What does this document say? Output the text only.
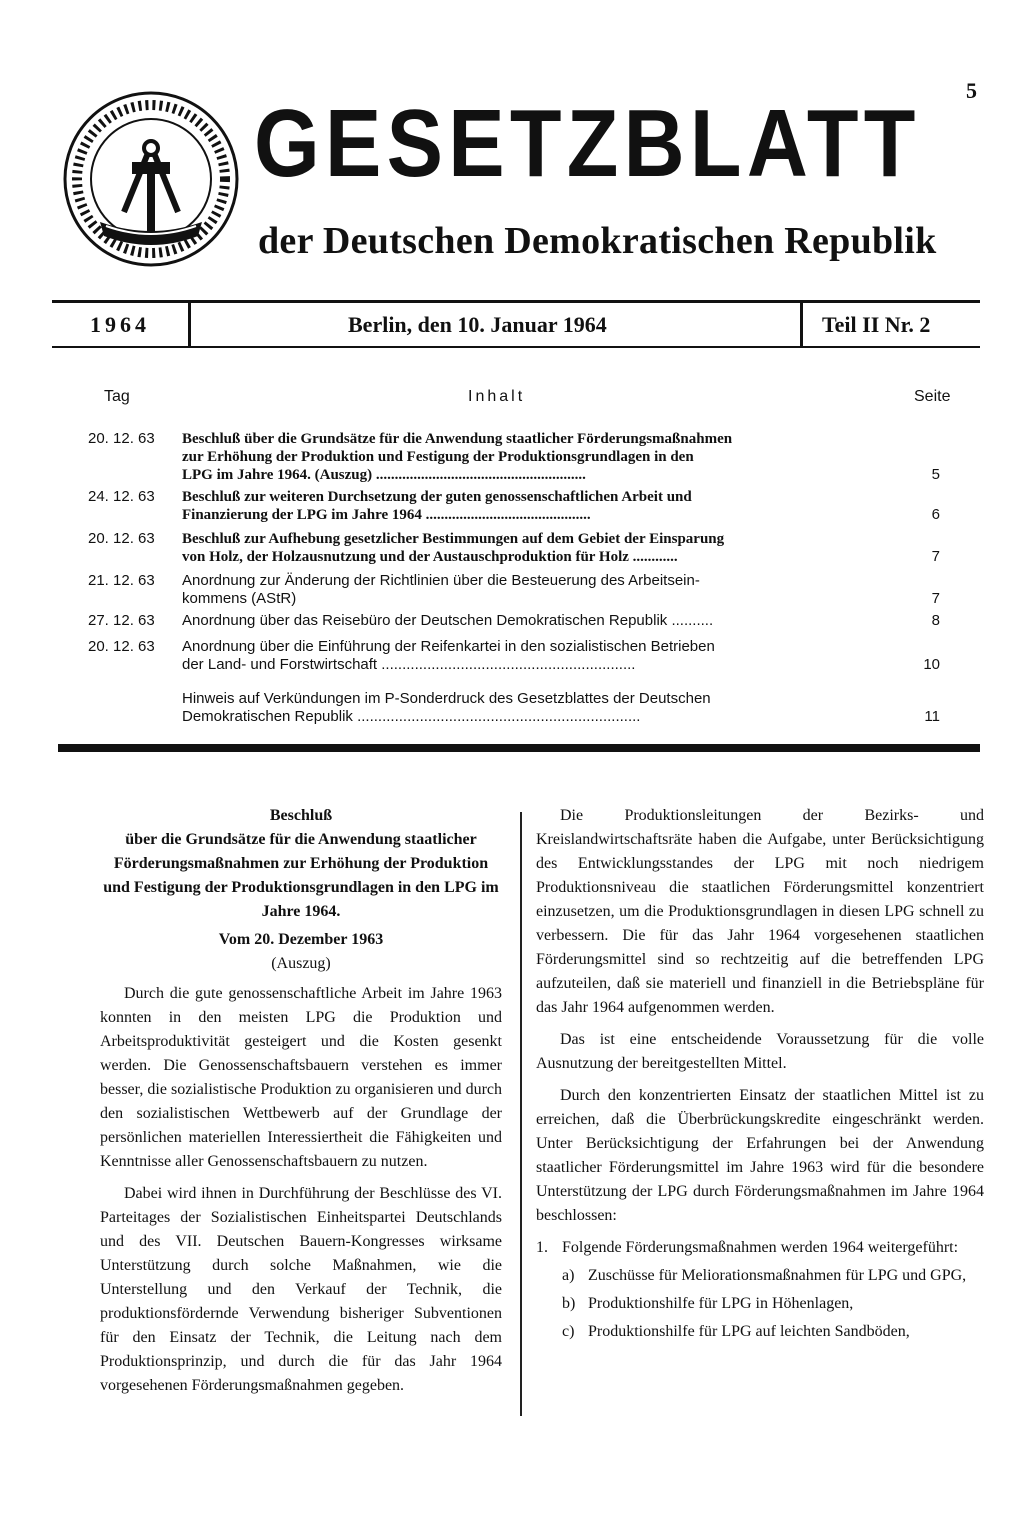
5
GESETZBLATT
der Deutschen Demokratischen Republik
1964	Berlin, den 10. Januar 1964	Teil II Nr. 2
Tag	Inhalt	Seite
20. 12. 63 Beschluß über die Grundsätze für die Anwendung staatlicher Förderungsmaßnahmen
zur Erhöhung der Produktion und Festigung der Produktionsgrundlagen in den
LPG im Jahre 1964. (Auszug) ........................................................	5
24. 12. 63 Beschluß zur weiteren Durchsetzung der guten genossenschaftlichen Arbeit und
Finanzierung der LPG im Jahre 1964 ............................................	6
20. 12. 63 Beschluß zur Aufhebung gesetzlicher Bestimmungen auf dem Gebiet der Einsparung
von Holz, der Holzausnutzung und der Austauschproduktion für Holz ............	7
21. 12. 63 Anordnung zur Änderung der Richtlinien über die Besteuerung des Arbeitsein-
kommens (AStR)	7
27. 12. 63 Anordnung über das Reisebüro der Deutschen Demokratischen Republik ..........	8
20. 12. 63 Anordnung über die Einführung der Reifenkartei in den sozialistischen Betrieben
der Land- und Forstwirtschaft .............................................................	10
Hinweis auf Verkündungen im P-Sonderdruck des Gesetzblattes der Deutschen
Demokratischen Republik ....................................................................	11
Beschluß
über die Grundsätze für die Anwendung staatlicher Förderungsmaßnahmen zur Erhöhung der Produktion und Festigung der Produktionsgrundlagen in den LPG im Jahre 1964.
Vom 20. Dezember 1963
(Auszug)

Durch die gute genossenschaftliche Arbeit im Jahre 1963 konnten in den meisten LPG die Produktion und Arbeitsproduktivität gesteigert und die Kosten gesenkt werden. Die Genossenschaftsbauern verstehen es immer besser, die sozialistische Produktion zu organisieren und durch den sozialistischen Wettbewerb auf der Grundlage der persönlichen materiellen Interessiertheit die Fähigkeiten und Kenntnisse aller Genossenschaftsbauern zu nutzen.

Dabei wird ihnen in Durchführung der Beschlüsse des VI. Parteitages der Sozialistischen Einheitspartei Deutschlands und des VII. Deutschen Bauern-Kongresses wirksame Unterstützung durch solche Maßnahmen, wie die Unterstellung und den Verkauf der Technik, die produktionsfördernde Verwendung bisheriger Subventionen für den Einsatz der Technik, die Leitung nach dem Produktionsprinzip, und durch die für das Jahr 1964 vorgesehenen Förderungsmaßnahmen gegeben.

Die Produktionsleitungen der Bezirks- und Kreislandwirtschaftsräte haben die Aufgabe, unter Berücksichtigung des Entwicklungsstandes der LPG mit noch niedrigem Produktionsniveau die staatlichen Förderungsmittel konzentriert einzusetzen, um die Produktionsgrundlagen in diesen LPG schnell zu verbessern. Die für das Jahr 1964 vorgesehenen staatlichen Förderungsmittel sind so rechtzeitig auf die betreffenden LPG aufzuteilen, daß sie materiell und finanziell in die Betriebspläne für das Jahr 1964 aufgenommen werden.

Das ist eine entscheidende Voraussetzung für die volle Ausnutzung der bereitgestellten Mittel.

Durch den konzentrierten Einsatz der staatlichen Mittel ist zu erreichen, daß die Überbrückungskredite eingeschränkt werden. Unter Berücksichtigung der Erfahrungen bei der Anwendung staatlicher Förderungsmittel im Jahre 1963 wird für die besondere Unterstützung der LPG durch Förderungsmaßnahmen im Jahre 1964 beschlossen:

1. Folgende Förderungsmaßnahmen werden 1964 weitergeführt:
a) Zuschüsse für Meliorationsmaßnahmen für LPG und GPG,
b) Produktionshilfe für LPG in Höhenlagen,
c) Produktionshilfe für LPG auf leichten Sandböden,
